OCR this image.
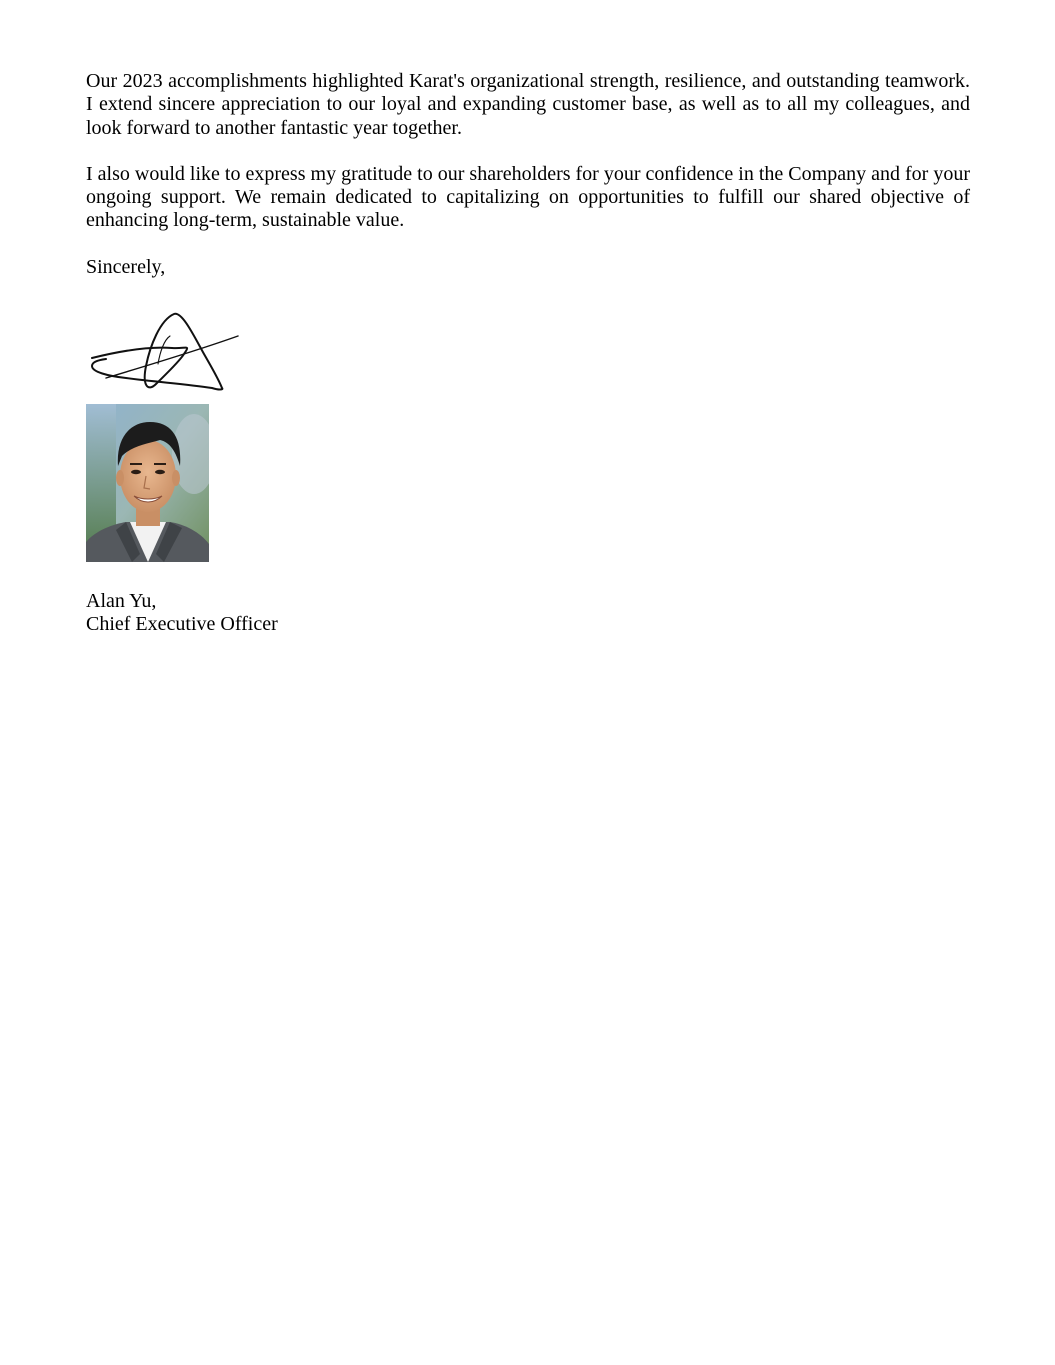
Our 2023 accomplishments highlighted Karat's organizational strength, resilience, and outstanding teamwork. I extend sincere appreciation to our loyal and expanding customer base, as well as to all my colleagues, and look forward to another fantastic year together.

I also would like to express my gratitude to our shareholders for your confidence in the Company and for your ongoing support. We remain dedicated to capitalizing on opportunities to fulfill our shared objective of enhancing long-term, sustainable value.

Sincerely,

Alan Yu,
Chief Executive Officer
